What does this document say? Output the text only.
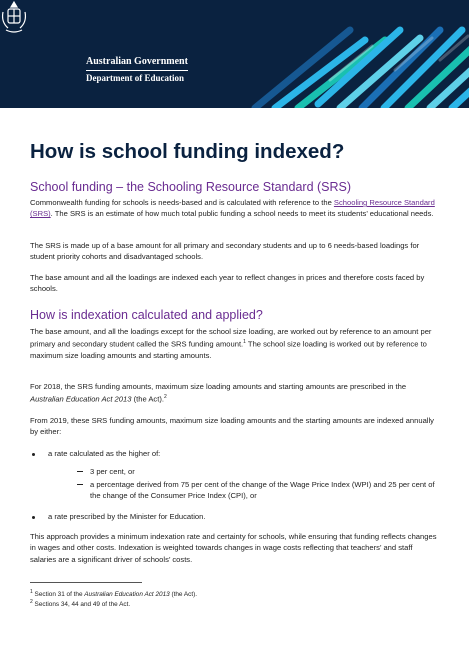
Australian Government
Department of Education
How is school funding indexed?
School funding – the Schooling Resource Standard (SRS)

Commonwealth funding for schools is needs-based and is calculated with reference to the Schooling Resource Standard (SRS). The SRS is an estimate of how much total public funding a school needs to meet its students’ educational needs.

The SRS is made up of a base amount for all primary and secondary students and up to 6 needs-based loadings for student priority cohorts and disadvantaged schools.

The base amount and all the loadings are indexed each year to reflect changes in prices and therefore costs faced by schools.

How is indexation calculated and applied?

The base amount, and all the loadings except for the school size loading, are worked out by reference to an amount per primary and secondary student called the SRS funding amount.$^1$ The school size loading is worked out by reference to maximum size loading amounts and starting amounts.

For 2018, the SRS funding amounts, maximum size loading amounts and starting amounts are prescribed in the Australian Education Act 2013 (the Act).$^2$

From 2019, these SRS funding amounts, maximum size loading amounts and the starting amounts are indexed annually by either:

a rate calculated as the higher of:

3 per cent, or

a percentage derived from 75 per cent of the change of the Wage Price Index (WPI) and 25 per cent of the change of the Consumer Price Index (CPI), or

a rate prescribed by the Minister for Education.

This approach provides a minimum indexation rate and certainty for schools, while ensuring that funding reflects changes in wages and other costs. Indexation is weighted towards changes in wage costs reflecting that teachers’ and staff salaries are a significant driver of schools’ costs.

$^1$ Section 31 of the Australian Education Act 2013 (the Act).

$^2$ Sections 34, 44 and 49 of the Act.
